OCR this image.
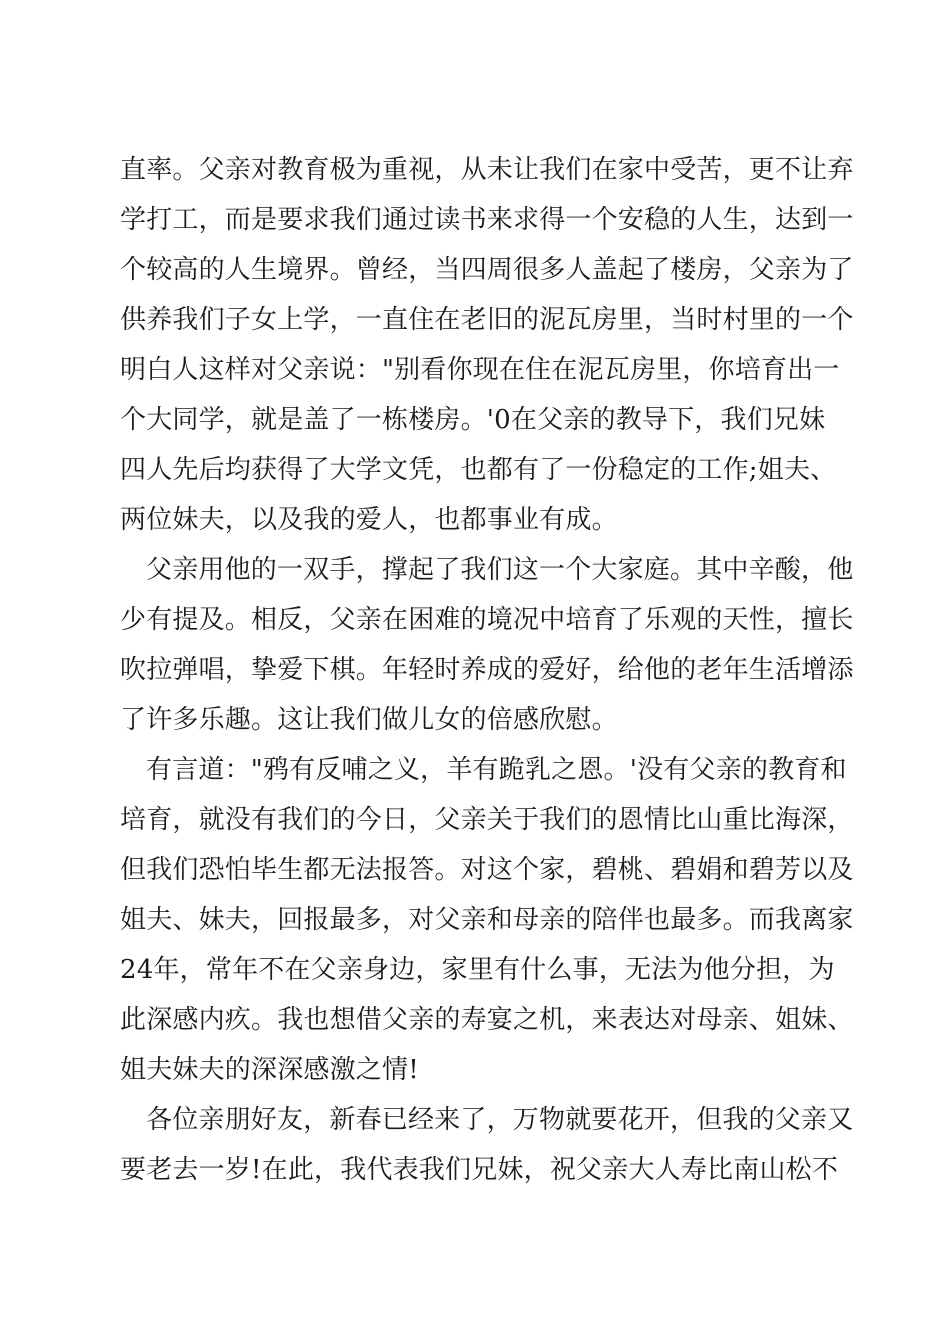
直率。父亲对教育极为重视，从未让我们在家中受苦，更不让弃
学打工，而是要求我们通过读书来求得一个安稳的人生，达到一
个较高的人生境界。曾经，当四周很多人盖起了楼房，父亲为了
供养我们子女上学，一直住在老旧的泥瓦房里，当时村里的一个
明白人这样对父亲说："别看你现在住在泥瓦房里，你培育出一
个大同学，就是盖了一栋楼房。'0在父亲的教导下，我们兄妹
四人先后均获得了大学文凭，也都有了一份稳定的工作;姐夫、
两位妹夫，以及我的爱人，也都事业有成。
父亲用他的一双手，撑起了我们这一个大家庭。其中辛酸，他
少有提及。相反，父亲在困难的境况中培育了乐观的天性，擅长
吹拉弹唱，挚爱下棋。年轻时养成的爱好，给他的老年生活增添
了许多乐趣。这让我们做儿女的倍感欣慰。
有言道："鸦有反哺之义，羊有跪乳之恩。'没有父亲的教育和
培育，就没有我们的今日，父亲关于我们的恩情比山重比海深，
但我们恐怕毕生都无法报答。对这个家，碧桃、碧娟和碧芳以及
姐夫、妹夫，回报最多，对父亲和母亲的陪伴也最多。而我离家
24年，常年不在父亲身边，家里有什么事，无法为他分担，为
此深感内疚。我也想借父亲的寿宴之机，来表达对母亲、姐妹、
姐夫妹夫的深深感激之情!
各位亲朋好友，新春已经来了，万物就要花开，但我的父亲又
要老去一岁!在此，我代表我们兄妹，祝父亲大人寿比南山松不
